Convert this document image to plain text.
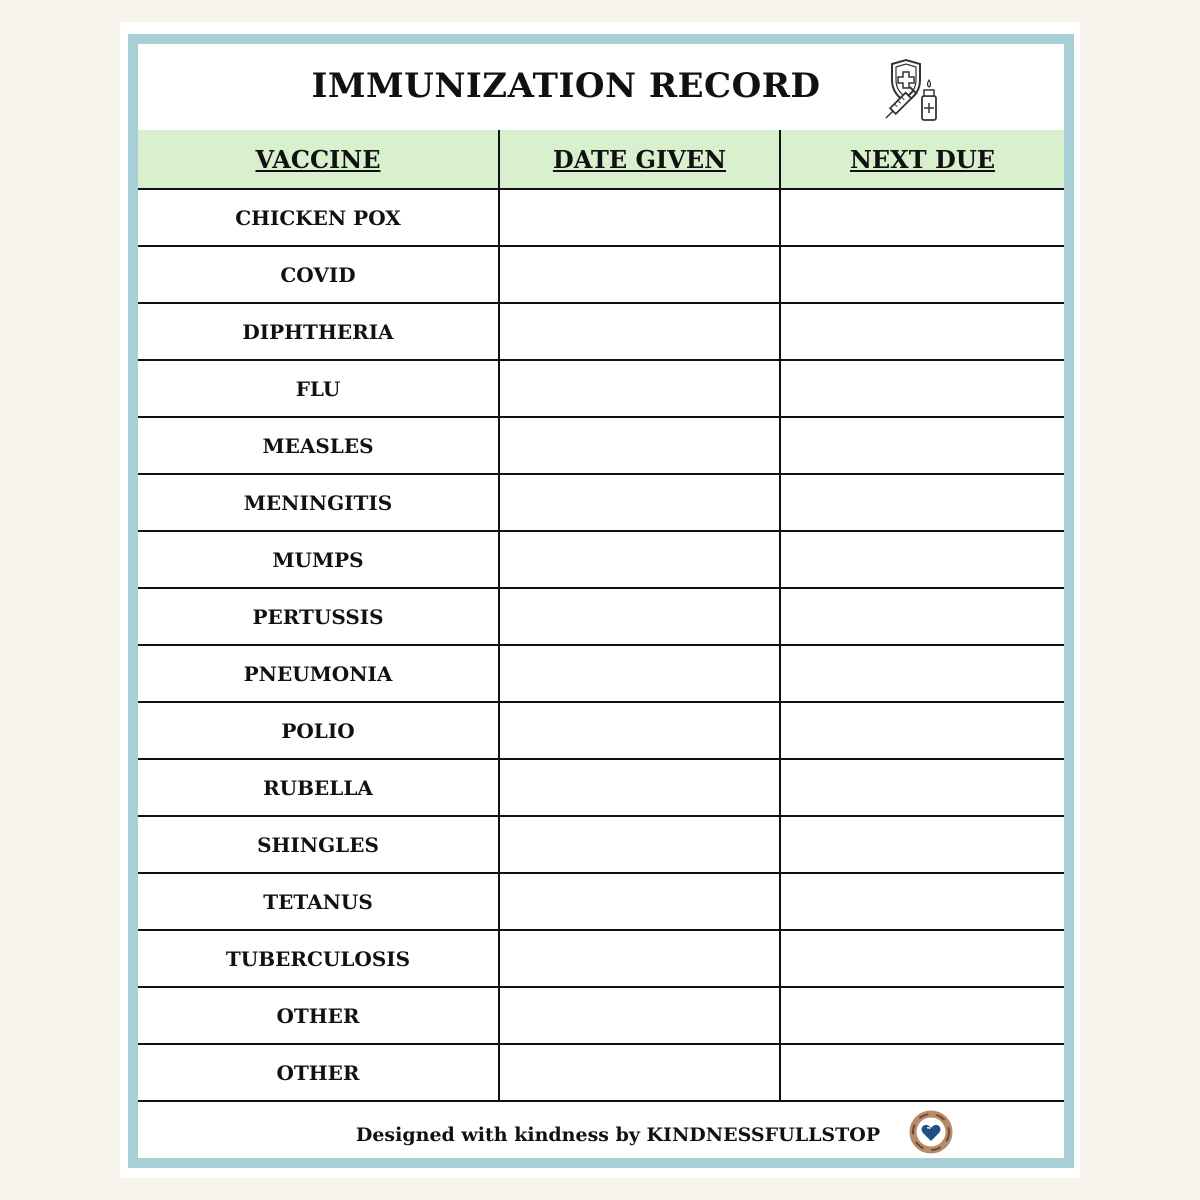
IMMUNIZATION RECORD
VACCINE	DATE GIVEN	NEXT DUE
CHICKEN POX		
COVID		
DIPHTHERIA		
FLU		
MEASLES		
MENINGITIS		
MUMPS		
PERTUSSIS		
PNEUMONIA		
POLIO		
RUBELLA		
SHINGLES		
TETANUS		
TUBERCULOSIS		
OTHER		
OTHER		
Designed with kindness by KINDNESSFULLSTOP
